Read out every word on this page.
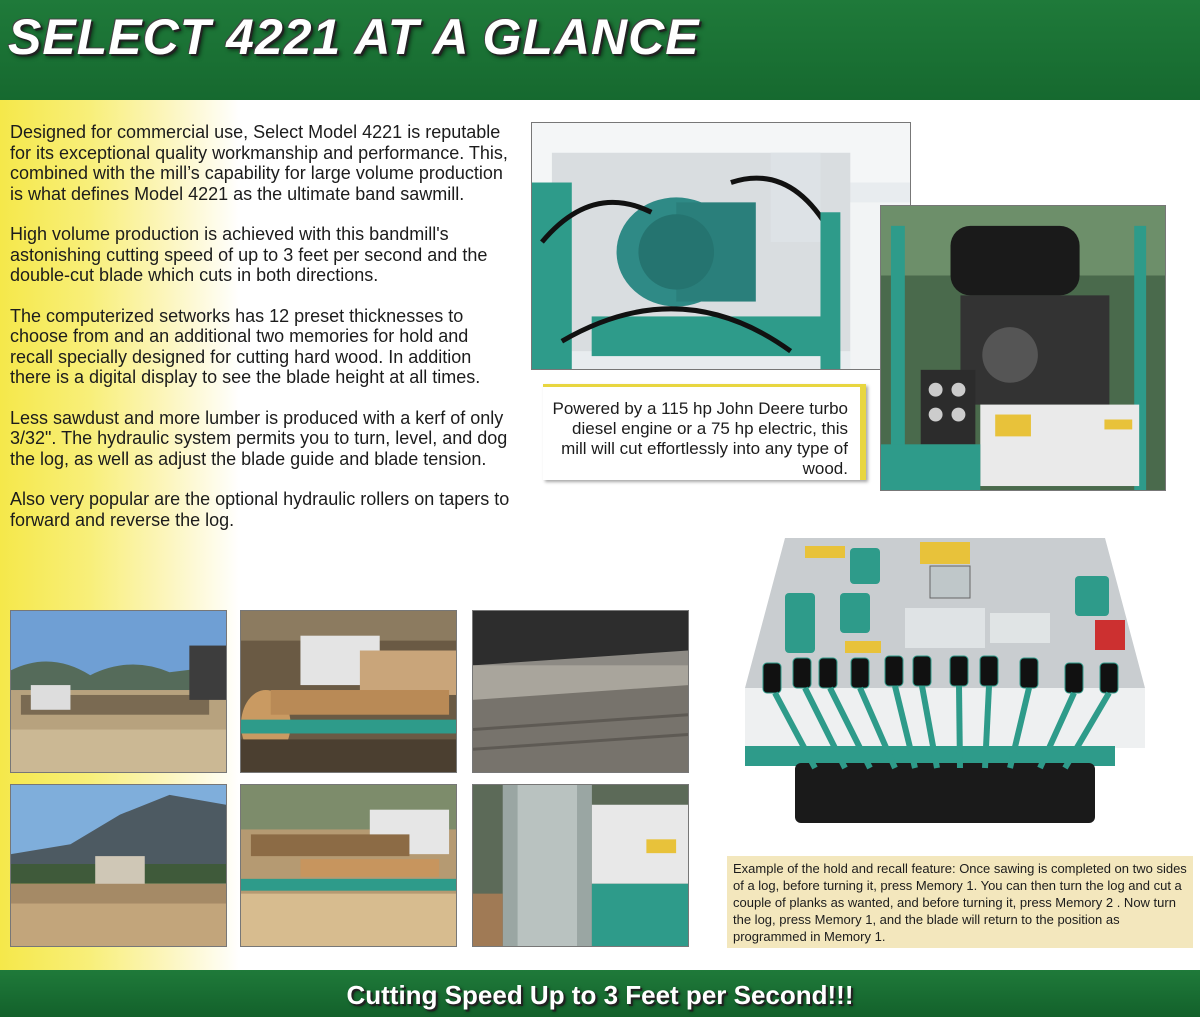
SELECT 4221 AT A GLANCE

Designed for commercial use, Select Model 4221 is reputable for its exceptional quality workmanship and performance. This, combined with the mill’s capability for large volume production is what defines Model 4221 as the ultimate band sawmill.

High volume production is achieved with this bandmill's astonishing cutting speed of up to 3 feet per second and the double-cut blade which cuts in both directions.

The computerized setworks has 12 preset thicknesses to choose from and an additional two memories for hold and recall specially designed for cutting hard wood. In addition there is a digital display to see the blade height at all times.

Less sawdust and more lumber is produced with a kerf of only 3/32". The hydraulic system permits you to turn, level, and dog the log, as well as adjust the blade guide and blade tension.

Also very popular are the optional hydraulic rollers on tapers to forward and reverse the log.

Powered by a 115 hp John Deere turbo diesel engine or a 75 hp electric, this mill will cut effortlessly into any type of wood.
Example of the hold and recall feature: Once sawing is completed on two sides of a log, before turning it, press Memory 1. You can then turn the log and cut a couple of planks as wanted, and before turning it, press Memory 2 . Now turn the log, press Memory 1, and the blade will return to the position as programmed in Memory 1.
Cutting Speed Up to 3 Feet per Second!!!
